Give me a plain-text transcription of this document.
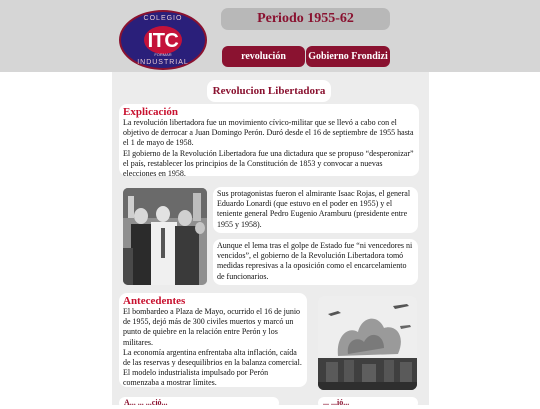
COLEGIO
ITC
FORMAR
INDUSTRIAL
Periodo 1955-62
revolución	Gobierno Frondizi
Revolucion Libertadora
Explicación

La revolución libertadora fue un movimiento cívico-militar que se llevó a cabo con el objetivo de derrocar a Juan Domingo Perón. Duró desde el 16 de septiembre de 1955 hasta el 1 de mayo de 1958.

El gobierno de la Revolución Libertadora fue una dictadura que se propuso “desperonizar” el país, restablecer los principios de la Constitución de 1853 y convocar a nuevas elecciones en 1958.

Sus protagonistas fueron el almirante Isaac Rojas, el general Eduardo Lonardi (que estuvo en el poder en 1955) y el teniente general Pedro Eugenio Aramburu (presidente entre 1955 y 1958).

Aunque el lema tras el golpe de Estado fue “ni vencedores ni vencidos”, el gobierno de la Revolución Libertadora tomó medidas represivas a la oposición como el encarcelamiento de funcionarios.

Antecedentes

El bombardeo a Plaza de Mayo, ocurrido el 16 de junio de 1955, dejó más de 300 civiles muertos y marcó un punto de quiebre en la relación entre Perón y los militares.

La economía argentina enfrentaba alta inflación, caída de las reservas y desequilibrios en la balanza comercial. El modelo industrialista impulsado por Perón comenzaba a mostrar límites.

A... ... ...ció...	... ...ió...
